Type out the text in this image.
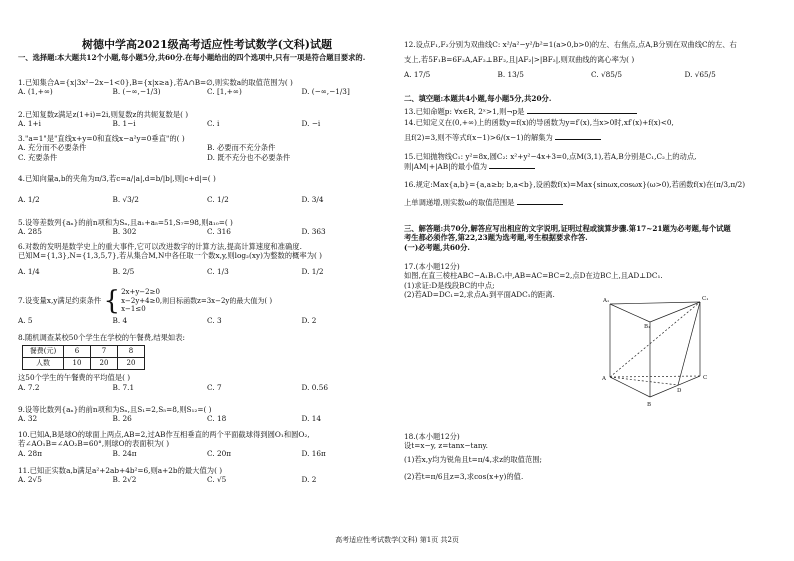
树德中学高2021级高考适应性考试数学(文科)试题
一、选择题:本大题共12个小题,每小题5分,共60分.在每小题给出的四个选项中,只有一项是符合题目要求的.
1.已知集合A={x|3x²−2x−1<0},B={x|x≥a},若A∩B=∅,则实数a的取值范围为( )
A. (1,+∞)	B. (−∞,−1/3)	C. [1,+∞)	D. (−∞,−1/3]
2.已知复数z满足z(1+i)=2i,则复数z的共轭复数是( )
A. 1+i	B. 1−i	C. i	D. −i
3."a=1"是"直线x+y=0和直线x−a²y=0垂直"的( )
A. 充分而不必要条件	B. 必要而不充分条件
C. 充要条件	D. 既不充分也不必要条件
4.已知向量a,b的夹角为π/3,若c=a/|a|,d=b/|b|,则|c+d|=( )
A. 1/2	B. √3/2	C. 1/2	D. 3/4
5.设等差数列{aₙ}的前n项和为Sₙ,且a₁+a₅=51,S₇=98,则a₁₀=( )
A. 285	B. 302	C. 316	D. 363
6.对数的发明是数学史上的重大事件,它可以改进数字的计算方法,提高计算速度和准确度.
已知M={1,3},N={1,3,5,7},若从集合M,N中各任取一个数x,y,则log₂(xy)为整数的概率为( )
A. 1/4	B. 2/5	C. 1/3	D. 1/2
7.设变量x,y满足约束条件 { 2x+y−2≥0
x−2y+4≥0,则目标函数z=3x−2y的最大值为( )
x−1≤0
A. 5	B. 4	C. 3	D. 2
8.随机调查某校50个学生在学校的午餐费,结果如表:
餐费(元)	6	7	8
人数	10	20	20
这50个学生的午餐费的平均值是( )
A. 7.2	B. 7.1	C. 7	D. 0.56
9.设等比数列{aₙ}的前n项和为Sₙ,且S₁=2,S₅=8,则S₁₂=( )
A. 32	B. 26	C. 18	D. 14
10.已知A,B是球O的球面上两点,AB=2,过AB作互相垂直的两个平面截球得到圆O₁和圆O₂,
若∠AO₁B=∠AO₂B=60°,则球O的表面积为( )
A. 28π	B. 24π	C. 20π	D. 16π
11.已知正实数a,b满足a²+2ab+4b²=6,则a+2b的最大值为( )
A. 2√5	B. 2√2	C. √5	D. 2
12.设点F₁,F₂分别为双曲线C: x²/a²−y²/b²=1(a>0,b>0)的左、右焦点,点A,B分别在双曲线C的左、右
支上,若5F₁B=6F₂A,AF₂⊥BF₂,且|AF₂|>|BF₂|,则双曲线的离心率为( )
A. 17/5	B. 13/5	C. √85/5	D. √65/5
二、填空题:本题共4小题,每小题5分,共20分.
13.已知命题p: ∀x∈R, 2ˣ>1,则¬p是
14.已知定义在(0,+∞)上的函数y=f(x)的导函数为y=f′(x),当x>0时,xf′(x)+f(x)<0,
且f(2)=3,则不等式f(x−1)>6/(x−1)的解集为
15.已知抛物线C₁: y²=8x,圆C₂: x²+y²−4x+3=0,点M(3,1),若A,B分别是C₁,C₂上的动点,
则|AM|+|AB|的最小值为
16.规定:Max{a,b}={a,a≥b; b,a<b},设函数f(x)=Max{sinωx,cosωx}(ω>0),若函数f(x)在(π/3,π/2)
上单调递增,则实数ω的取值范围是
三、解答题:共70分,解答应写出相应的文字说明,证明过程或演算步骤.第17~21题为必考题,每个试题
考生都必须作答,第22,23题为选考题,考生根据要求作答.
(一)必考题,共60分.
17.(本小题12分)
如图,在直三棱柱ABC−A₁B₁C₁中,AB=AC=BC=2,点D在边BC上,且AD⊥DC₁.
(1)求证:D是线段BC的中点;
(2)若AD=DC₁=2,求点A₁到平面ADC₁的距离.
A₁
B₁
C₁
A
B
C
D
18.(本小题12分)
设t=x−y, z=tanx−tany.
(1)若x,y均为锐角且t=π/4,求z的取值范围;
(2)若t=π/6且z=3,求cos(x+y)的值.
高考适应性考试数学(文科) 第1页 共2页
